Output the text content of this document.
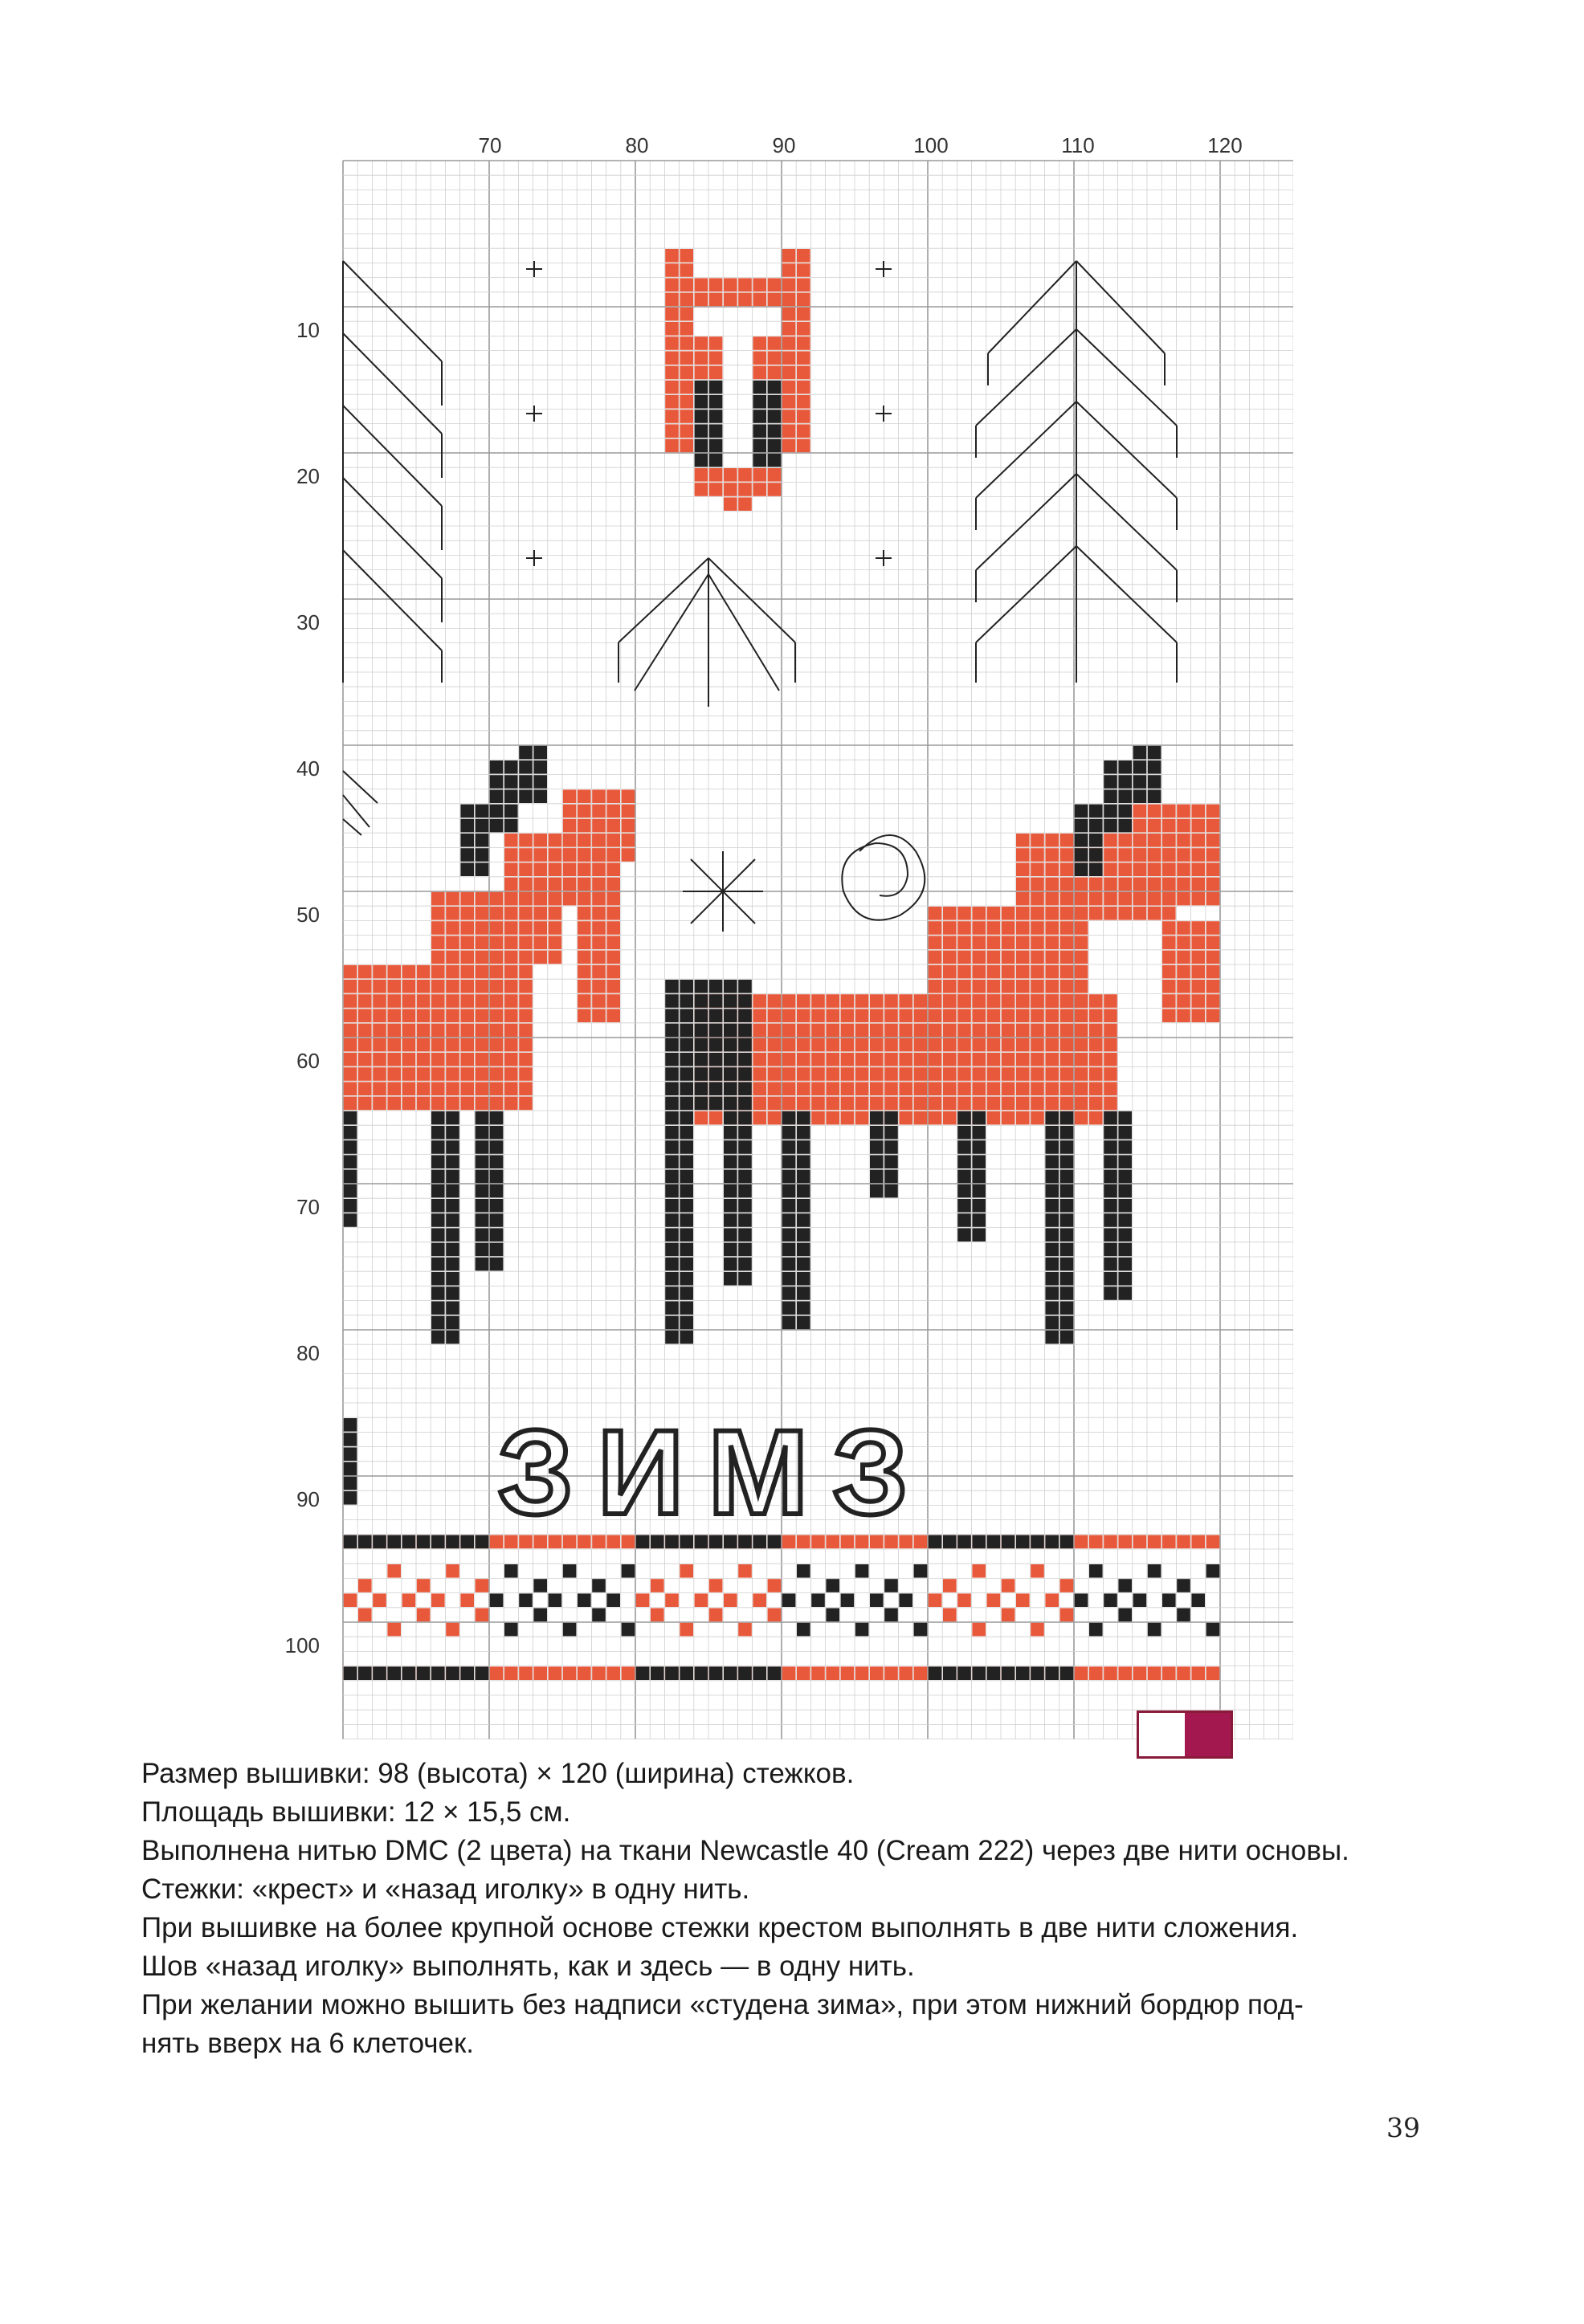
70	80	90	100	110	120
10
20
30
40
50
60
70
80
90
100
ЗИМЗ
Размер вышивки: 98 (высота) × 120 (ширина) стежков.
Площадь вышивки: 12 × 15,5 см.
Выполнена нитью DMC (2 цвета) на ткани Newcastle 40 (Cream 222) через две нити основы.
Стежки: «крест» и «назад иголку» в одну нить.
При вышивке на более крупной основе стежки крестом выполнять в две нити сложения.
Шов «назад иголку» выполнять, как и здесь — в одну нить.
При желании можно вышить без надписи «студена зима», при этом нижний бордюр под-
нять вверх на 6 клеточек.
39
